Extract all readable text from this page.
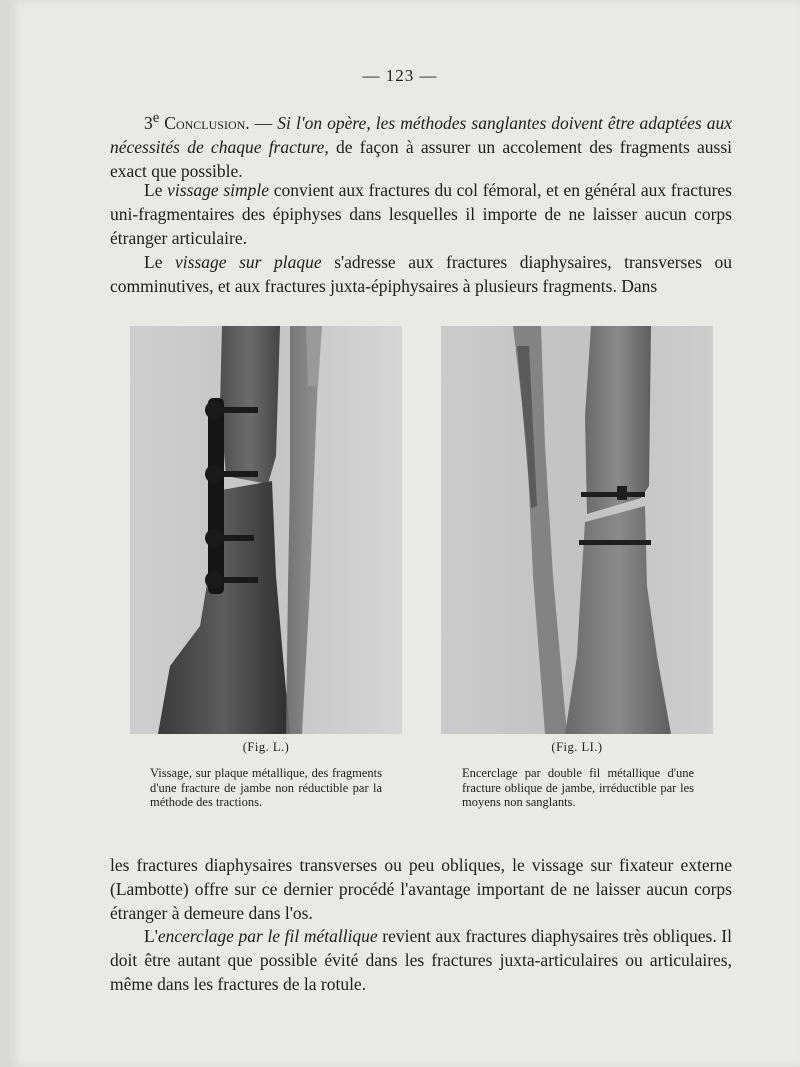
— 123 —

3e Conclusion. — Si l'on opère, les méthodes sanglantes doivent être adaptées aux nécessités de chaque fracture, de façon à assurer un accolement des fragments aussi exact que possible.

Le vissage simple convient aux fractures du col fémoral, et en général aux fractures uni-fragmentaires des épiphyses dans lesquelles il importe de ne laisser aucun corps étranger articulaire.

Le vissage sur plaque s'adresse aux fractures diaphysaires, transverses ou comminutives, et aux fractures juxta-épiphysaires à plusieurs fragments. Dans

(Fig. L.)	(Fig. LI.)

Vissage, sur plaque métallique, des fragments d'une fracture de jambe non réductible par la méthode des tractions.

Encerclage par double fil métallique d'une fracture oblique de jambe, irréductible par les moyens non sanglants.

les fractures diaphysaires transverses ou peu obliques, le vissage sur fixateur externe (Lambotte) offre sur ce dernier procédé l'avantage important de ne laisser aucun corps étranger à demeure dans l'os.

L'encerclage par le fil métallique revient aux fractures diaphysaires très obliques. Il doit être autant que possible évité dans les fractures juxta-articulaires ou articulaires, même dans les fractures de la rotule.
